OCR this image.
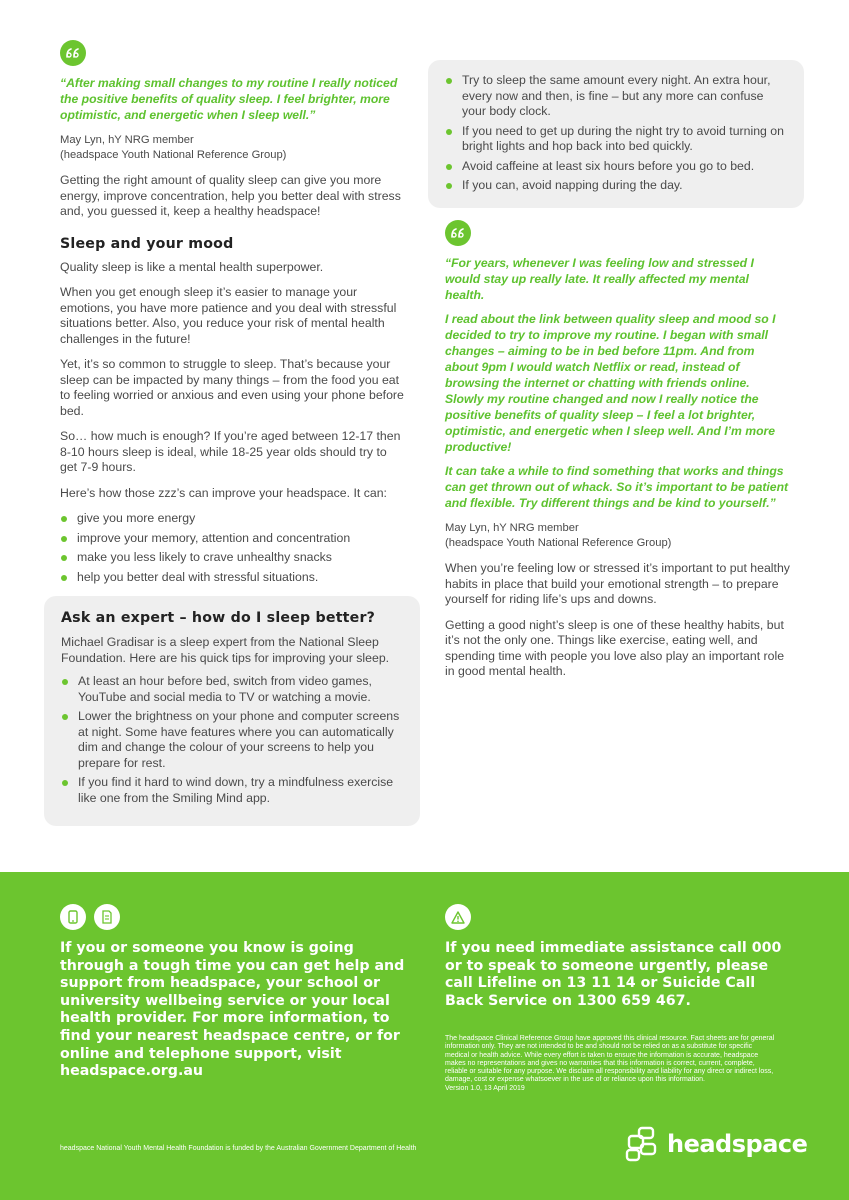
“After making small changes to my routine I really noticed the positive benefits of quality sleep. I feel brighter, more optimistic, and energetic when I sleep well.”

May Lyn, hY NRG member
(headspace Youth National Reference Group)

Getting the right amount of quality sleep can give you more energy, improve concentration, help you better deal with stress and, you guessed it, keep a healthy headspace!

Sleep and your mood

Quality sleep is like a mental health superpower.

When you get enough sleep it’s easier to manage your emotions, you have more patience and you deal with stressful situations better. Also, you reduce your risk of mental health challenges in the future!

Yet, it’s so common to struggle to sleep. That’s because your sleep can be impacted by many things – from the food you eat to feeling worried or anxious and even using your phone before bed.

So… how much is enough? If you’re aged between 12-17 then 8-10 hours sleep is ideal, while 18-25 year olds should try to get 7-9 hours.

Here’s how those zzz’s can improve your headspace. It can:

give you more energy
improve your memory, attention and concentration
make you less likely to crave unhealthy snacks
help you better deal with stressful situations.
Ask an expert – how do I sleep better?

Michael Gradisar is a sleep expert from the National Sleep Foundation. Here are his quick tips for improving your sleep.

At least an hour before bed, switch from video games, YouTube and social media to TV or watching a movie.
Lower the brightness on your phone and computer screens at night. Some have features where you can automatically dim and change the colour of your screens to help you prepare for rest.
If you find it hard to wind down, try a mindfulness exercise like one from the Smiling Mind app.
Try to sleep the same amount every night. An extra hour, every now and then, is fine – but any more can confuse your body clock.
If you need to get up during the night try to avoid turning on bright lights and hop back into bed quickly.
Avoid caffeine at least six hours before you go to bed.
If you can, avoid napping during the day.

“For years, whenever I was feeling low and stressed I would stay up really late. It really affected my mental health.

I read about the link between quality sleep and mood so I decided to try to improve my routine. I began with small changes – aiming to be in bed before 11pm. And from about 9pm I would watch Netflix or read, instead of browsing the internet or chatting with friends online. Slowly my routine changed and now I really notice the positive benefits of quality sleep – I feel a lot brighter, optimistic, and energetic when I sleep well. And I’m more productive!

It can take a while to find something that works and things can get thrown out of whack. So it’s important to be patient and flexible. Try different things and be kind to yourself.”

May Lyn, hY NRG member
(headspace Youth National Reference Group)

When you’re feeling low or stressed it’s important to put healthy habits in place that build your emotional strength – to prepare yourself for riding life’s ups and downs.

Getting a good night’s sleep is one of these healthy habits, but it’s not the only one. Things like exercise, eating well, and spending time with people you love also play an important role in good mental health.

If you or someone you know is going through a tough time you can get help and support from headspace, your school or university wellbeing service or your local health provider. For more information, to find your nearest headspace centre, or for online and telephone support, visit headspace.org.au
If you need immediate assistance call 000 or to speak to someone urgently, please call Lifeline on 13 11 14 or Suicide Call Back Service on 1300 659 467.
The headspace Clinical Reference Group have approved this clinical resource. Fact sheets are for general information only. They are not intended to be and should not be relied on as a substitute for specific medical or health advice. While every effort is taken to ensure the information is accurate, headspace makes no representations and gives no warranties that this information is correct, current, complete, reliable or suitable for any purpose. We disclaim all responsibility and liability for any direct or indirect loss, damage, cost or expense whatsoever in the use of or reliance upon this information.
Version 1.0, 13 April 2019
headspace National Youth Mental Health Foundation is funded by the Australian Government Department of Health	headspace
